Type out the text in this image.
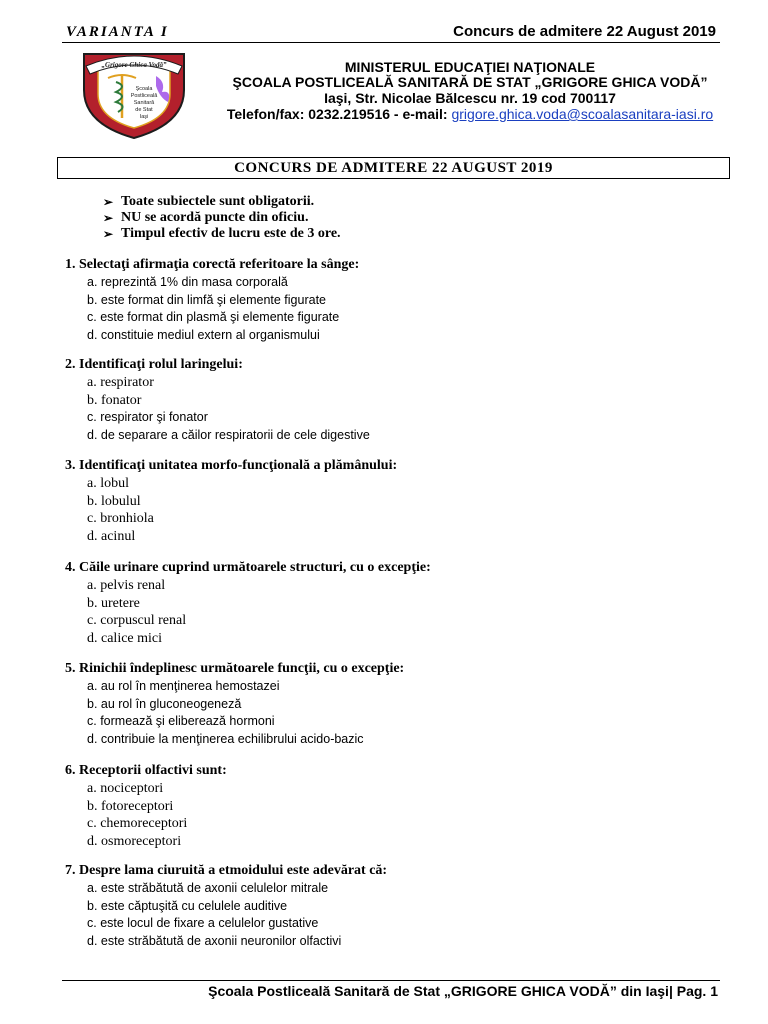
VARIANTA I	Concurs de admitere 22 August 2019
„Grigore Ghica Vodă”
Şcoala
Postliceală
Sanitară
de Stat
Iaşi
MINISTERUL EDUCAŢIEI NAŢIONALE
ŞCOALA POSTLICEALĂ SANITARĂ DE STAT „GRIGORE GHICA VODĂ”
Iaşi, Str. Nicolae Bălcescu nr. 19 cod 700117
Telefon/fax: 0232.219516 - e-mail: grigore.ghica.voda@scoalasanitara-iasi.ro
CONCURS DE ADMITERE 22 AUGUST 2019
➢ Toate subiectele sunt obligatorii.
➢ NU se acordă puncte din oficiu.
➢ Timpul efectiv de lucru este de 3 ore.
1. Selectaţi afirmaţia corectă referitoare la sânge:
a. reprezintă 1% din masa corporală
b. este format din limfă şi elemente figurate
c. este format din plasmă şi elemente figurate
d. constituie mediul extern al organismului
2. Identificaţi rolul laringelui:
a. respirator
b. fonator
c. respirator şi fonator
d. de separare a căilor respiratorii de cele digestive
3. Identificaţi unitatea morfo-funcţională a plămânului:
a. lobul
b. lobulul
c. bronhiola
d. acinul
4. Căile urinare cuprind următoarele structuri, cu o excepţie:
a. pelvis renal
b. uretere
c. corpuscul renal
d. calice mici
5. Rinichii îndeplinesc următoarele funcţii, cu o excepţie:
a. au rol în menţinerea hemostazei
b. au rol în gluconeogeneză
c. formează şi eliberează hormoni
d. contribuie la menţinerea echilibrului acido-bazic
6. Receptorii olfactivi sunt:
a. nociceptori
b. fotoreceptori
c. chemoreceptori
d. osmoreceptori
7. Despre lama ciuruită a etmoidului este adevărat că:
a. este străbătută de axonii celulelor mitrale
b. este căptuşită cu celulele auditive
c. este locul de fixare a celulelor gustative
d. este străbătută de axonii neuronilor olfactivi
Şcoala Postliceală Sanitară de Stat „GRIGORE GHICA VODĂ” din Iaşi| Pag. 1
